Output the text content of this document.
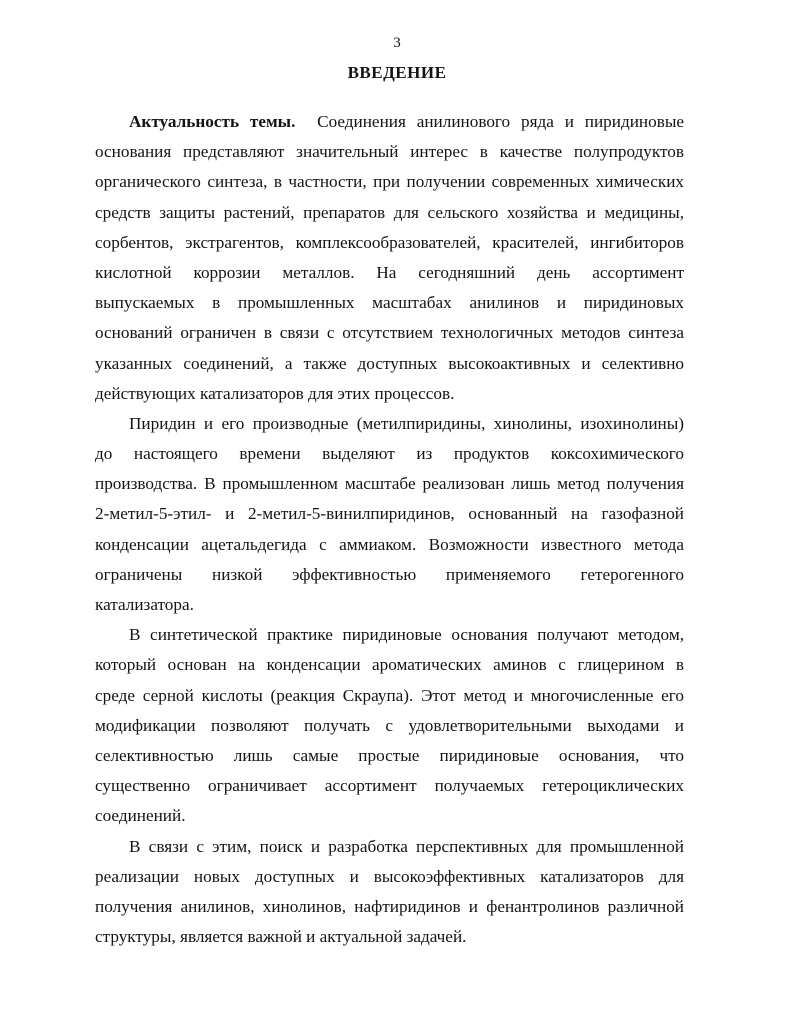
3
ВВЕДЕНИЕ
Актуальность темы. Соединения анилинового ряда и пиридиновые
основания представляют значительный интерес в качестве полупродуктов
органического синтеза, в частности, при получении современных химических
средств защиты растений, препаратов для сельского хозяйства и медицины,
сорбентов, экстрагентов, комплексообразователей, красителей, ингибиторов
кислотной коррозии металлов. На сегодняшний день ассортимент
выпускаемых в промышленных масштабах анилинов и пиридиновых
оснований ограничен в связи с отсутствием технологичных методов синтеза
указанных соединений, а также доступных высокоактивных и селективно
действующих катализаторов для этих процессов.
Пиридин и его производные (метилпиридины, хинолины, изохинолины)
до настоящего времени выделяют из продуктов коксохимического
производства. В промышленном масштабе реализован лишь метод получения
2-метил-5-этил- и 2-метил-5-винилпиридинов, основанный на газофазной
конденсации ацетальдегида с аммиаком. Возможности известного метода
ограничены низкой эффективностью применяемого гетерогенного
катализатора.
В синтетической практике пиридиновые основания получают методом,
который основан на конденсации ароматических аминов с глицерином в
среде серной кислоты (реакция Скраупа). Этот метод и многочисленные его
модификации позволяют получать с удовлетворительными выходами и
селективностью лишь самые простые пиридиновые основания, что
существенно ограничивает ассортимент получаемых гетероциклических
соединений.
В связи с этим, поиск и разработка перспективных для промышленной
реализации новых доступных и высокоэффективных катализаторов для
получения анилинов, хинолинов, нафтиридинов и фенантролинов различной
структуры, является важной и актуальной задачей.
